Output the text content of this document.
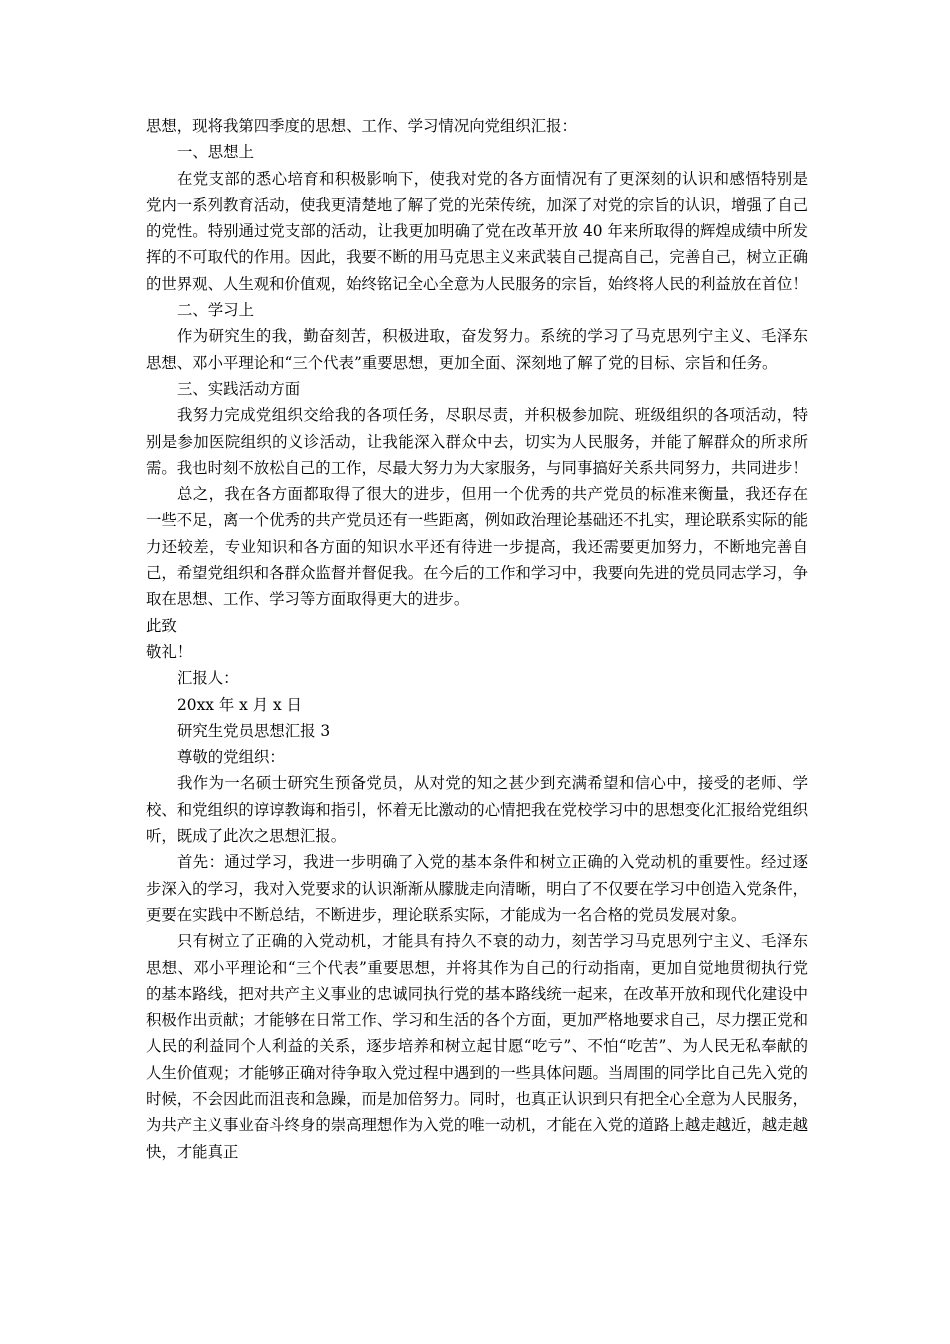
思想，现将我第四季度的思想、工作、学习情况向党组织汇报：

一、思想上

在党支部的悉心培育和积极影响下，使我对党的各方面情况有了更深刻的认识和感悟特别是党内一系列教育活动，使我更清楚地了解了党的光荣传统，加深了对党的宗旨的认识，增强了自己的党性。特别通过党支部的活动，让我更加明确了党在改革开放 40 年来所取得的辉煌成绩中所发挥的不可取代的作用。因此，我要不断的用马克思主义来武装自己提高自己，完善自己，树立正确的世界观、人生观和价值观，始终铭记全心全意为人民服务的宗旨，始终将人民的利益放在首位！

二、学习上

作为研究生的我，勤奋刻苦，积极进取，奋发努力。系统的学习了马克思列宁主义、毛泽东思想、邓小平理论和“三个代表”重要思想，更加全面、深刻地了解了党的目标、宗旨和任务。

三、实践活动方面

我努力完成党组织交给我的各项任务，尽职尽责，并积极参加院、班级组织的各项活动，特别是参加医院组织的义诊活动，让我能深入群众中去，切实为人民服务，并能了解群众的所求所需。我也时刻不放松自己的工作，尽最大努力为大家服务，与同事搞好关系共同努力，共同进步！

总之，我在各方面都取得了很大的进步，但用一个优秀的共产党员的标准来衡量，我还存在一些不足，离一个优秀的共产党员还有一些距离，例如政治理论基础还不扎实，理论联系实际的能力还较差，专业知识和各方面的知识水平还有待进一步提高，我还需要更加努力，不断地完善自己，希望党组织和各群众监督并督促我。在今后的工作和学习中，我要向先进的党员同志学习，争取在思想、工作、学习等方面取得更大的进步。

此致

敬礼！

汇报人：

20xx 年 x 月 x 日

研究生党员思想汇报 3

尊敬的党组织：

我作为一名硕士研究生预备党员，从对党的知之甚少到充满希望和信心中，接受的老师、学校、和党组织的谆谆教诲和指引，怀着无比激动的心情把我在党校学习中的思想变化汇报给党组织听，既成了此次之思想汇报。

首先：通过学习，我进一步明确了入党的基本条件和树立正确的入党动机的重要性。经过逐步深入的学习，我对入党要求的认识渐渐从朦胧走向清晰，明白了不仅要在学习中创造入党条件，更要在实践中不断总结，不断进步，理论联系实际，才能成为一名合格的党员发展对象。

只有树立了正确的入党动机，才能具有持久不衰的动力，刻苦学习马克思列宁主义、毛泽东思想、邓小平理论和“三个代表”重要思想，并将其作为自己的行动指南，更加自觉地贯彻执行党的基本路线，把对共产主义事业的忠诚同执行党的基本路线统一起来，在改革开放和现代化建设中积极作出贡献；才能够在日常工作、学习和生活的各个方面，更加严格地要求自己，尽力摆正党和人民的利益同个人利益的关系，逐步培养和树立起甘愿“吃亏”、不怕“吃苦”、为人民无私奉献的人生价值观；才能够正确对待争取入党过程中遇到的一些具体问题。当周围的同学比自己先入党的时候，不会因此而沮丧和急躁，而是加倍努力。同时，也真正认识到只有把全心全意为人民服务，为共产主义事业奋斗终身的崇高理想作为入党的唯一动机，才能在入党的道路上越走越近，越走越快，才能真正
